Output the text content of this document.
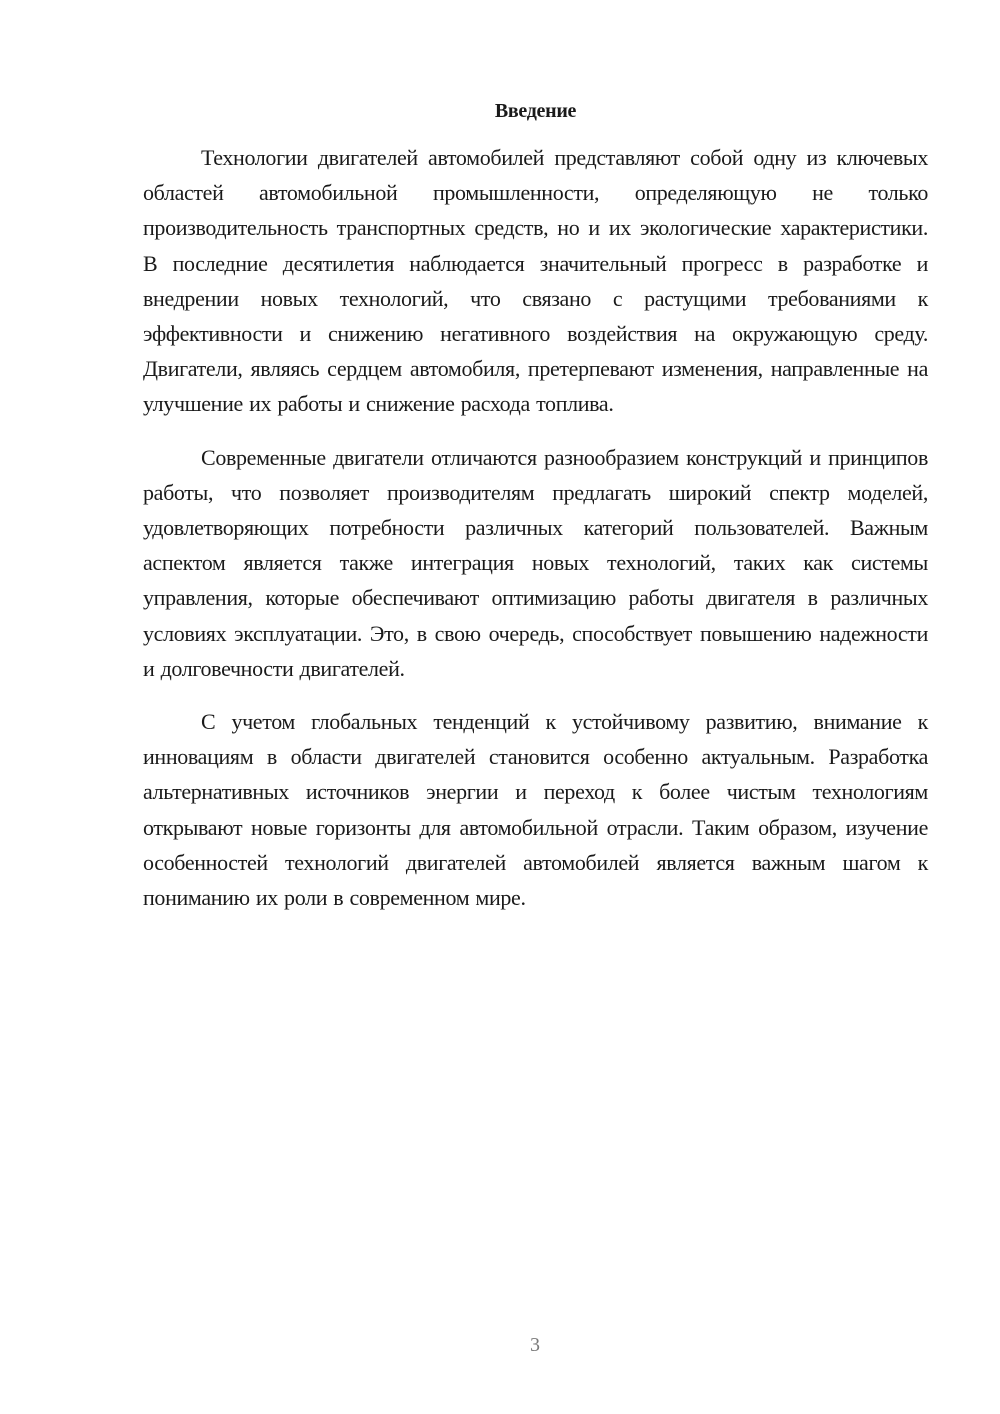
Введение

Технологии двигателей автомобилей представляют собой одну из ключевых областей автомобильной промышленности, определяющую не только производительность транспортных средств, но и их экологические характеристики. В последние десятилетия наблюдается значительный прогресс в разработке и внедрении новых технологий, что связано с растущими требованиями к эффективности и снижению негативного воздействия на окружающую среду. Двигатели, являясь сердцем автомобиля, претерпевают изменения, направленные на улучшение их работы и снижение расхода топлива.

Современные двигатели отличаются разнообразием конструкций и принципов работы, что позволяет производителям предлагать широкий спектр моделей, удовлетворяющих потребности различных категорий пользователей. Важным аспектом является также интеграция новых технологий, таких как системы управления, которые обеспечивают оптимизацию работы двигателя в различных условиях эксплуатации. Это, в свою очередь, способствует повышению надежности и долговечности двигателей.

С учетом глобальных тенденций к устойчивому развитию, внимание к инновациям в области двигателей становится особенно актуальным. Разработка альтернативных источников энергии и переход к более чистым технологиям открывают новые горизонты для автомобильной отрасли. Таким образом, изучение особенностей технологий двигателей автомобилей является важным шагом к пониманию их роли в современном мире.

3
